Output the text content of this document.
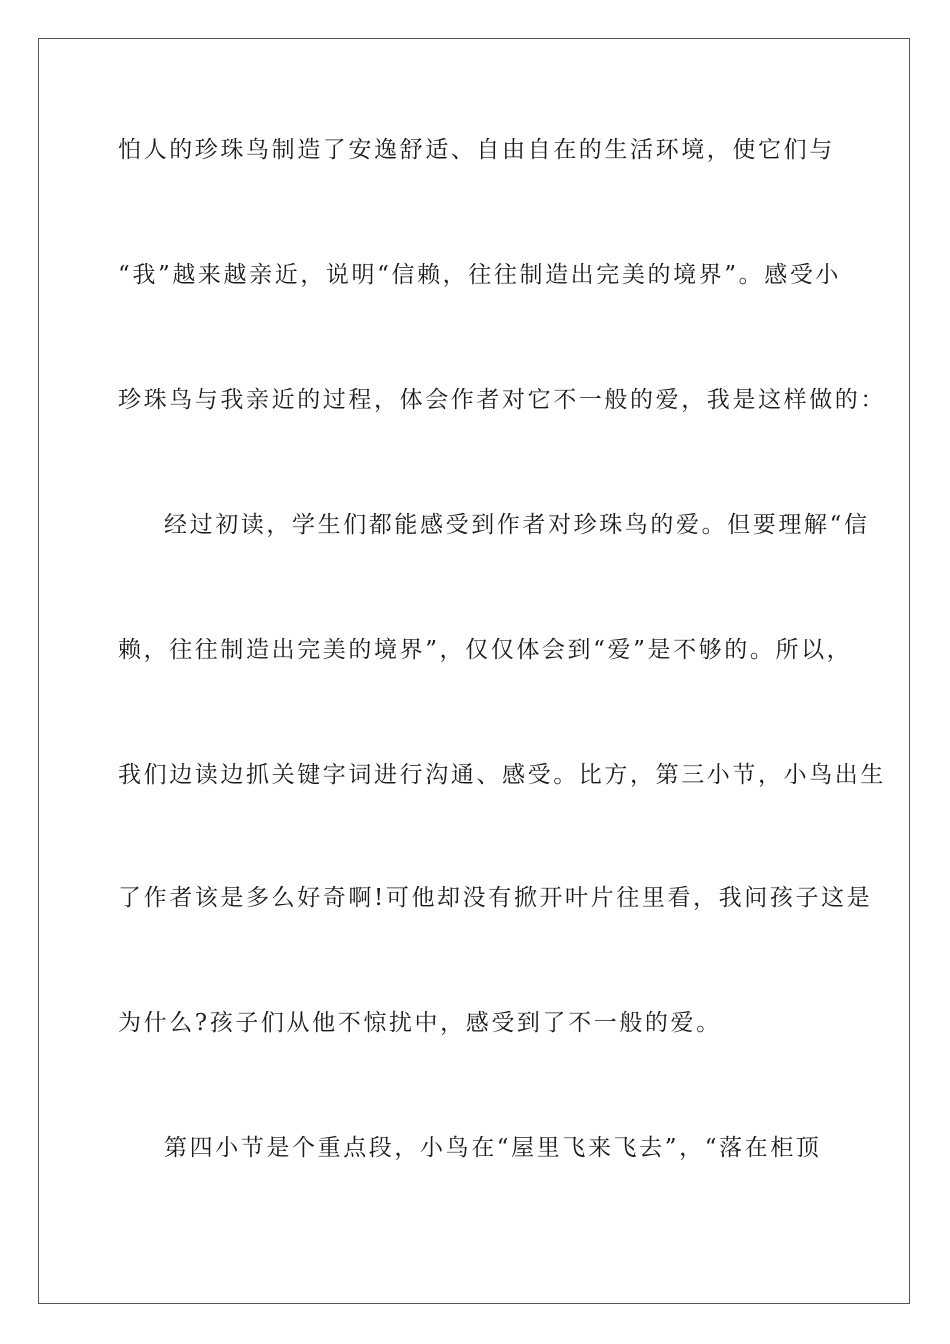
怕人的珍珠鸟制造了安逸舒适、自由自在的生活环境，使它们与
“我”越来越亲近，说明“信赖，往往制造出完美的境界”。感受小
珍珠鸟与我亲近的过程，体会作者对它不一般的爱，我是这样做的：
经过初读，学生们都能感受到作者对珍珠鸟的爱。但要理解“信
赖，往往制造出完美的境界”，仅仅体会到“爱”是不够的。所以，
我们边读边抓关键字词进行沟通、感受。比方，第三小节，小鸟出生
了作者该是多么好奇啊!可他却没有掀开叶片往里看，我问孩子这是
为什么?孩子们从他不惊扰中，感受到了不一般的爱。
第四小节是个重点段，小鸟在“屋里飞来飞去”，“落在柜顶
